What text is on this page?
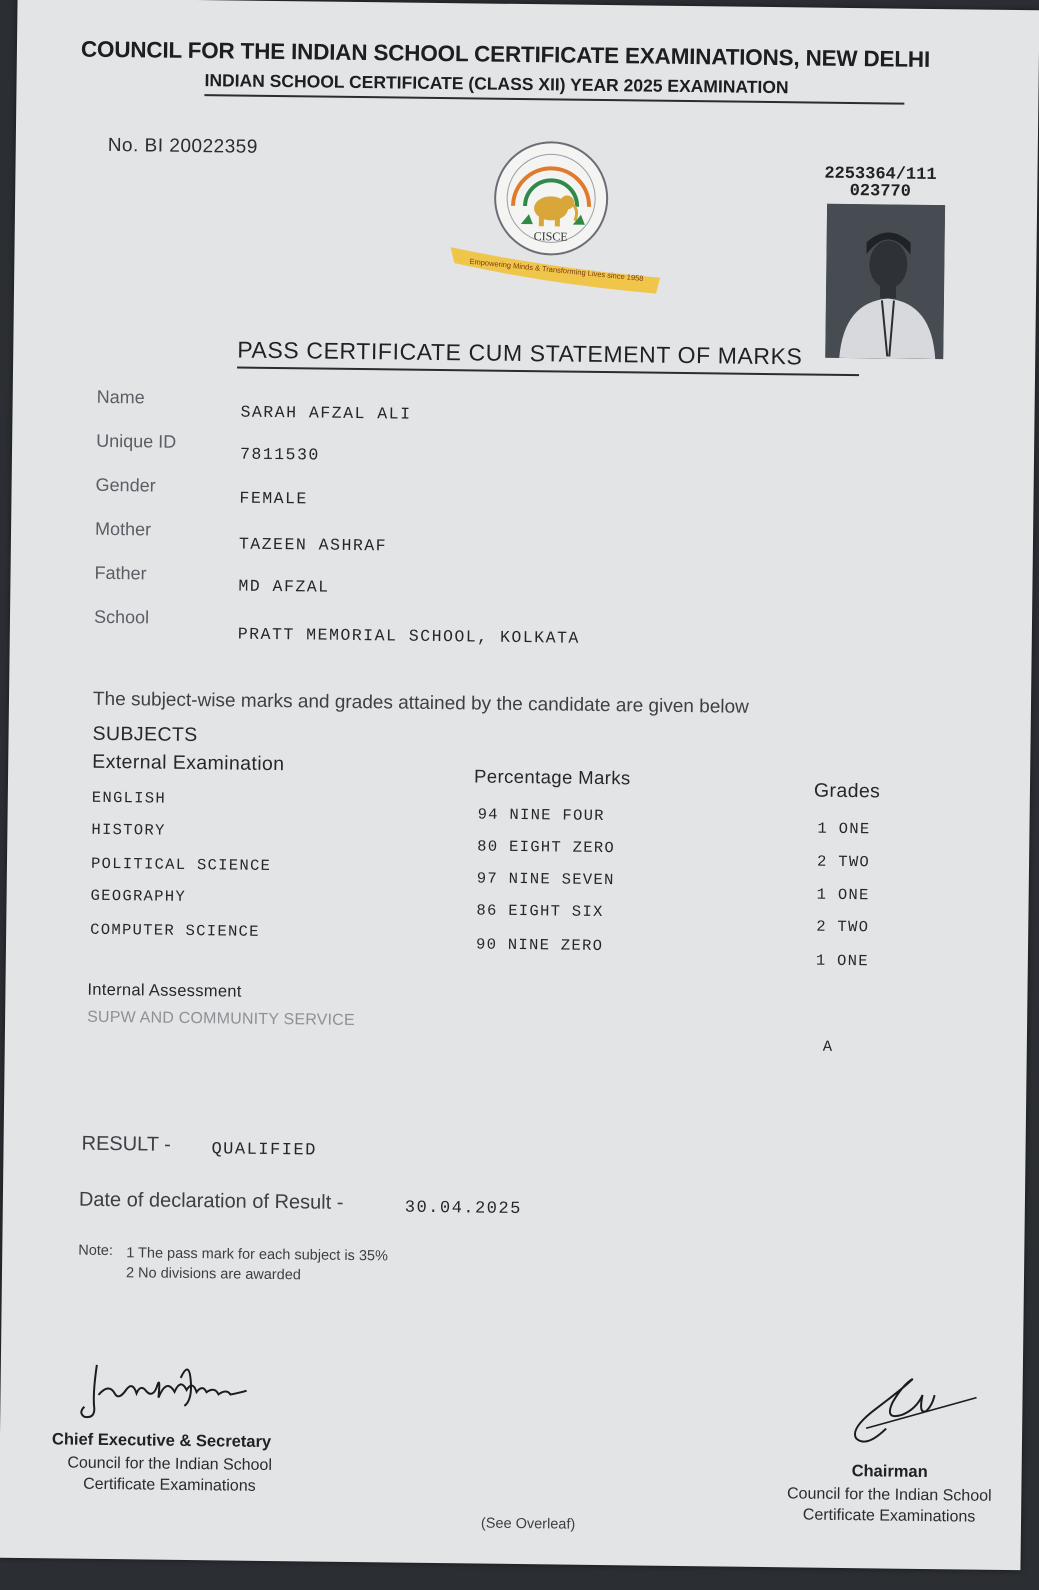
COUNCIL FOR THE INDIAN SCHOOL CERTIFICATE EXAMINATIONS, NEW DELHI
INDIAN SCHOOL CERTIFICATE (CLASS XII) YEAR 2025 EXAMINATION
No. BI 20022359
2253364/111
023770
CISCE
Empowering Minds & Transforming Lives since 1958
PASS CERTIFICATE CUM STATEMENT OF MARKS
Name
SARAH AFZAL ALI
Unique ID
7811530
Gender
FEMALE
Mother
TAZEEN ASHRAF
Father
MD AFZAL
School
PRATT MEMORIAL SCHOOL, KOLKATA
The subject-wise marks and grades attained by the candidate are given below
SUBJECTS
External Examination
Percentage Marks
Grades
ENGLISH
94 NINE FOUR
1 ONE
HISTORY
80 EIGHT ZERO
2 TWO
POLITICAL SCIENCE
97 NINE SEVEN
1 ONE
GEOGRAPHY
86 EIGHT SIX
2 TWO
COMPUTER SCIENCE
90 NINE ZERO
1 ONE
Internal Assessment
SUPW AND COMMUNITY SERVICE
A
RESULT - QUALIFIED
Date of declaration of Result -	30.04.2025
Note: 1 The pass mark for each subject is 35%
2 No divisions are awarded
Chief Executive & Secretary
Council for the Indian School
Certificate Examinations
Chairman
Council for the Indian School
Certificate Examinations
(See Overleaf)
